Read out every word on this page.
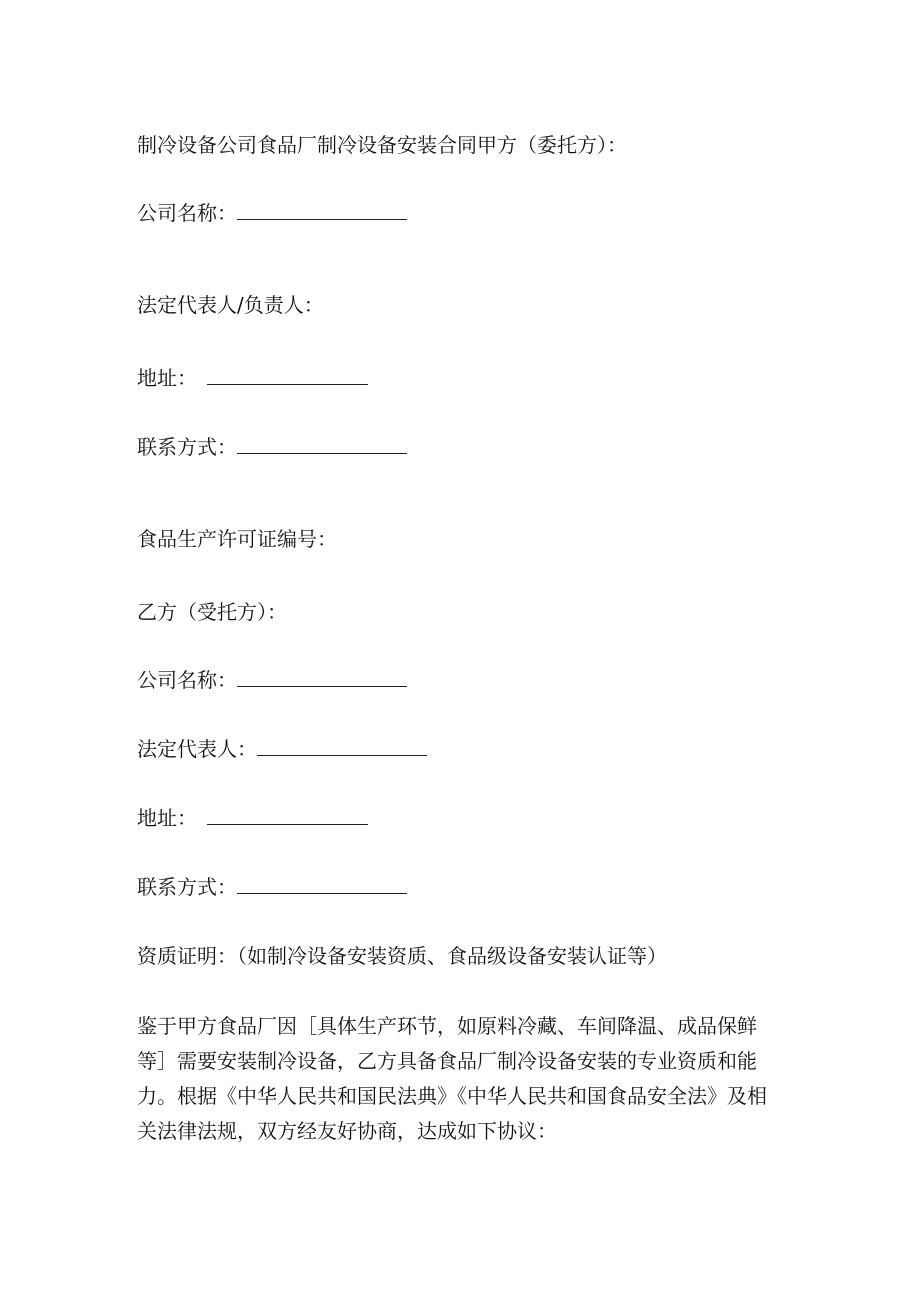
制冷设备公司食品厂制冷设备安装合同甲方（委托方）：
公司名称：
法定代表人/负责人：
地址：
联系方式：
食品生产许可证编号：
乙方（受托方）：
公司名称：
法定代表人：
地址：
联系方式：
资质证明：（如制冷设备安装资质、食品级设备安装认证等）
鉴于甲方食品厂因［具体生产环节，如原料冷藏、车间降温、成品保鲜
等］需要安装制冷设备，乙方具备食品厂制冷设备安装的专业资质和能
力。根据《中华人民共和国民法典》《中华人民共和国食品安全法》及相
关法律法规，双方经友好协商，达成如下协议：
